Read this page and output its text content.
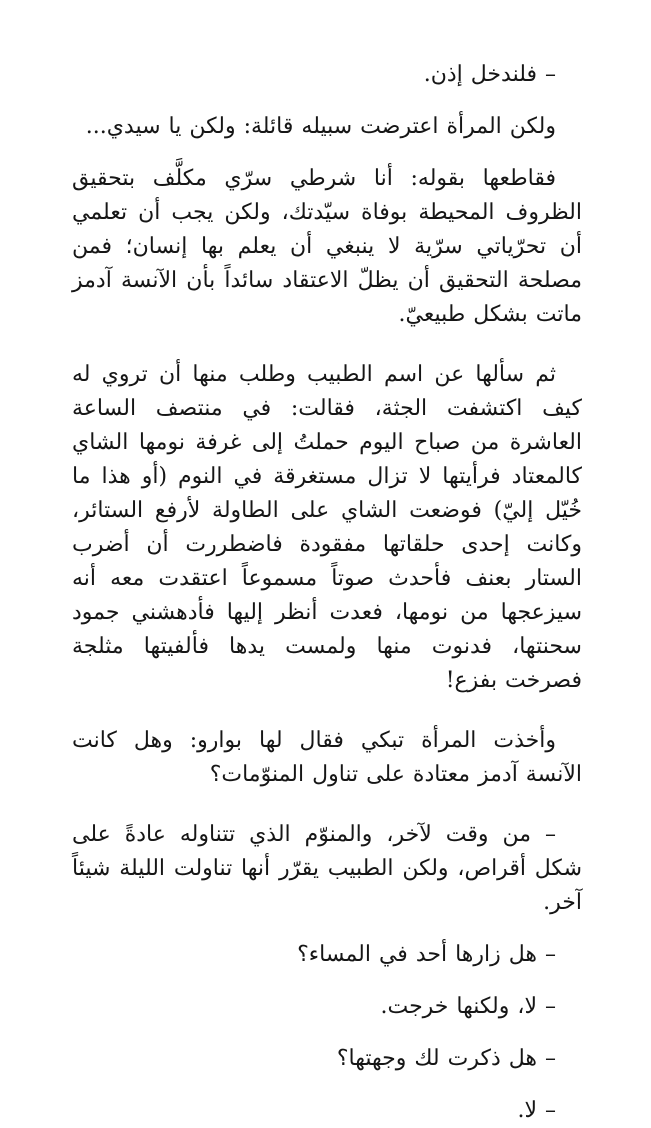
– فلندخل إذن.

ولكن المرأة اعترضت سبيله قائلة: ولكن يا سيدي...

فقاطعها بقوله: أنا شرطي سرّي مكلَّف بتحقيق الظروف المحيطة بوفاة سيّدتك، ولكن يجب أن تعلمي أن تحرّياتي سرّية لا ينبغي أن يعلم بها إنسان؛ فمن مصلحة التحقيق أن يظلّ الاعتقاد سائداً بأن الآنسة آدمز ماتت بشكل طبيعيّ.

ثم سألها عن اسم الطبيب وطلب منها أن تروي له كيف اكتشفت الجثة، فقالت: في منتصف الساعة العاشرة من صباح اليوم حملتُ إلى غرفة نومها الشاي كالمعتاد فرأيتها لا تزال مستغرقة في النوم (أو هذا ما خُيّل إليّ) فوضعت الشاي على الطاولة لأرفع الستائر، وكانت إحدى حلقاتها مفقودة فاضطررت أن أضرب الستار بعنف فأحدث صوتاً مسموعاً اعتقدت معه أنه سيزعجها من نومها، فعدت أنظر إليها فأدهشني جمود سحنتها، فدنوت منها ولمست يدها فألفيتها مثلجة فصرخت بفزع!

وأخذت المرأة تبكي فقال لها بوارو: وهل كانت الآنسة آدمز معتادة على تناول المنوّمات؟

– من وقت لآخر، والمنوّم الذي تتناوله عادةً على شكل أقراص، ولكن الطبيب يقرّر أنها تناولت الليلة شيئاً آخر.

– هل زارها أحد في المساء؟

– لا، ولكنها خرجت.

– هل ذكرت لك وجهتها؟

– لا.
